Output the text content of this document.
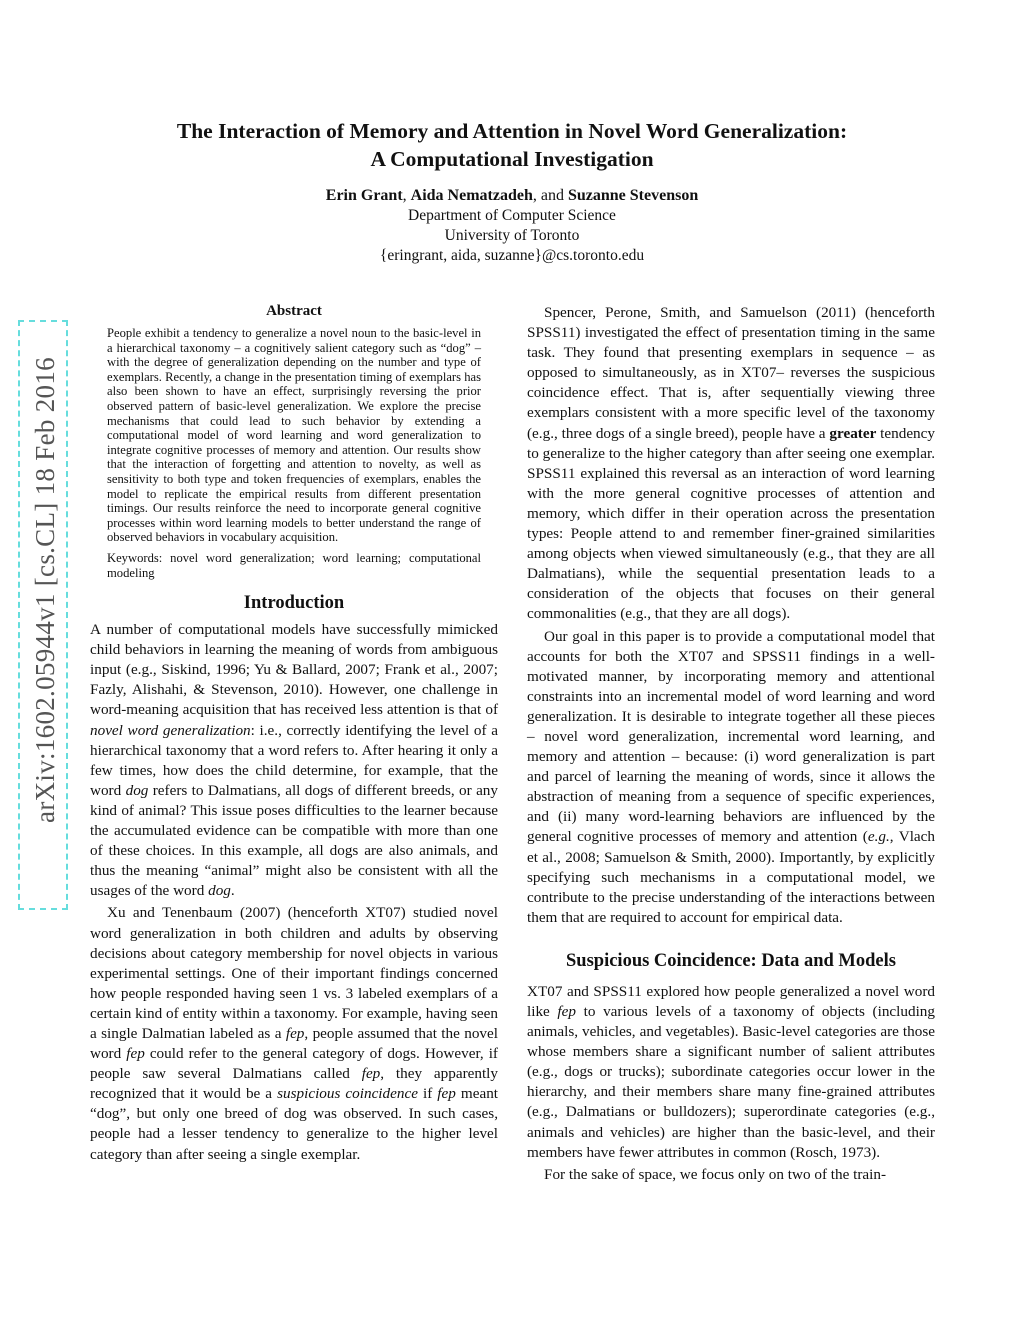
arXiv:1602.05944v1 [cs.CL] 18 Feb 2016
The Interaction of Memory and Attention in Novel Word Generalization:
A Computational Investigation
Erin Grant, Aida Nematzadeh, and Suzanne Stevenson
Department of Computer Science
University of Toronto
{eringrant, aida, suzanne}@cs.toronto.edu
Abstract
People exhibit a tendency to generalize a novel noun to the basic-level in a hierarchical taxonomy – a cognitively salient category such as “dog” – with the degree of generalization depending on the number and type of exemplars. Recently, a change in the presentation timing of exemplars has also been shown to have an effect, surprisingly reversing the prior observed pattern of basic-level generalization. We explore the precise mechanisms that could lead to such behavior by extending a computational model of word learning and word generalization to integrate cognitive processes of memory and attention. Our results show that the interaction of forgetting and attention to novelty, as well as sensitivity to both type and token frequencies of exemplars, enables the model to replicate the empirical results from different presentation timings. Our results reinforce the need to incorporate general cognitive processes within word learning models to better understand the range of observed behaviors in vocabulary acquisition.
Keywords: novel word generalization; word learning; computational modeling
Introduction

A number of computational models have successfully mimicked child behaviors in learning the meaning of words from ambiguous input (e.g., Siskind, 1996; Yu & Ballard, 2007; Frank et al., 2007; Fazly, Alishahi, & Stevenson, 2010). However, one challenge in word-meaning acquisition that has received less attention is that of novel word generalization: i.e., correctly identifying the level of a hierarchical taxonomy that a word refers to. After hearing it only a few times, how does the child determine, for example, that the word dog refers to Dalmatians, all dogs of different breeds, or any kind of animal? This issue poses difficulties to the learner because the accumulated evidence can be compatible with more than one of these choices. In this example, all dogs are also animals, and thus the meaning “animal” might also be consistent with all the usages of the word dog.

Xu and Tenenbaum (2007) (henceforth XT07) studied novel word generalization in both children and adults by observing decisions about category membership for novel objects in various experimental settings. One of their important findings concerned how people responded having seen 1 vs. 3 labeled exemplars of a certain kind of entity within a taxonomy. For example, having seen a single Dalmatian labeled as a fep, people assumed that the novel word fep could refer to the general category of dogs. However, if people saw several Dalmatians called fep, they apparently recognized that it would be a suspicious coincidence if fep meant “dog”, but only one breed of dog was observed. In such cases, people had a lesser tendency to generalize to the higher level category than after seeing a single exemplar.

Spencer, Perone, Smith, and Samuelson (2011) (henceforth SPSS11) investigated the effect of presentation timing in the same task. They found that presenting exemplars in sequence – as opposed to simultaneously, as in XT07– reverses the suspicious coincidence effect. That is, after sequentially viewing three exemplars consistent with a more specific level of the taxonomy (e.g., three dogs of a single breed), people have a greater tendency to generalize to the higher category than after seeing one exemplar. SPSS11 explained this reversal as an interaction of word learning with the more general cognitive processes of attention and memory, which differ in their operation across the presentation types: People attend to and remember finer-grained similarities among objects when viewed simultaneously (e.g., that they are all Dalmatians), while the sequential presentation leads to a consideration of the objects that focuses on their general commonalities (e.g., that they are all dogs).

Our goal in this paper is to provide a computational model that accounts for both the XT07 and SPSS11 findings in a well-motivated manner, by incorporating memory and attentional constraints into an incremental model of word learning and word generalization. It is desirable to integrate together all these pieces – novel word generalization, incremental word learning, and memory and attention – because: (i) word generalization is part and parcel of learning the meaning of words, since it allows the abstraction of meaning from a sequence of specific experiences, and (ii) many word-learning behaviors are influenced by the general cognitive processes of memory and attention (e.g., Vlach et al., 2008; Samuelson & Smith, 2000). Importantly, by explicitly specifying such mechanisms in a computational model, we contribute to the precise understanding of the interactions between them that are required to account for empirical data.

Suspicious Coincidence: Data and Models

XT07 and SPSS11 explored how people generalized a novel word like fep to various levels of a taxonomy of objects (including animals, vehicles, and vegetables). Basic-level categories are those whose members share a significant number of salient attributes (e.g., dogs or trucks); subordinate categories occur lower in the hierarchy, and their members share many fine-grained attributes (e.g., Dalmatians or bulldozers); superordinate categories (e.g., animals and vehicles) are higher than the basic-level, and their members have fewer attributes in common (Rosch, 1973).

For the sake of space, we focus only on two of the train-
